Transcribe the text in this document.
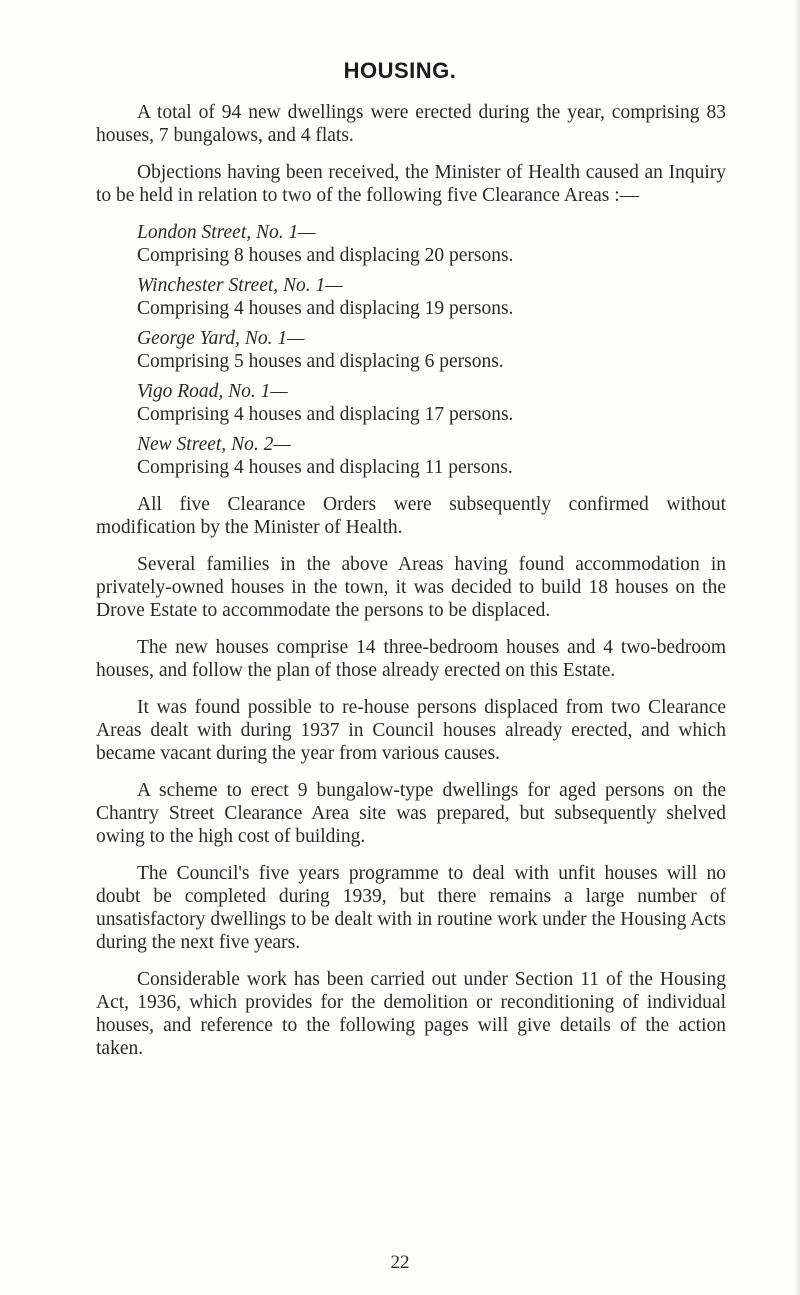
HOUSING.

A total of 94 new dwellings were erected during the year, comprising 83 houses, 7 bungalows, and 4 flats.

Objections having been received, the Minister of Health caused an Inquiry to be held in relation to two of the following five Clearance Areas :—

London Street, No. 1—
Comprising 8 houses and displacing 20 persons.
Winchester Street, No. 1—
Comprising 4 houses and displacing 19 persons.
George Yard, No. 1—
Comprising 5 houses and displacing 6 persons.
Vigo Road, No. 1—
Comprising 4 houses and displacing 17 persons.
New Street, No. 2—
Comprising 4 houses and displacing 11 persons.

All five Clearance Orders were subsequently confirmed without modification by the Minister of Health.

Several families in the above Areas having found accommodation in privately-owned houses in the town, it was decided to build 18 houses on the Drove Estate to accommodate the persons to be displaced.

The new houses comprise 14 three-bedroom houses and 4 two-bedroom houses, and follow the plan of those already erected on this Estate.

It was found possible to re-house persons displaced from two Clearance Areas dealt with during 1937 in Council houses already erected, and which became vacant during the year from various causes.

A scheme to erect 9 bungalow-type dwellings for aged persons on the Chantry Street Clearance Area site was prepared, but subsequently shelved owing to the high cost of building.

The Council's five years programme to deal with unfit houses will no doubt be completed during 1939, but there remains a large number of unsatisfactory dwellings to be dealt with in routine work under the Housing Acts during the next five years.

Considerable work has been carried out under Section 11 of the Housing Act, 1936, which provides for the demolition or reconditioning of individual houses, and reference to the following pages will give details of the action taken.

22
